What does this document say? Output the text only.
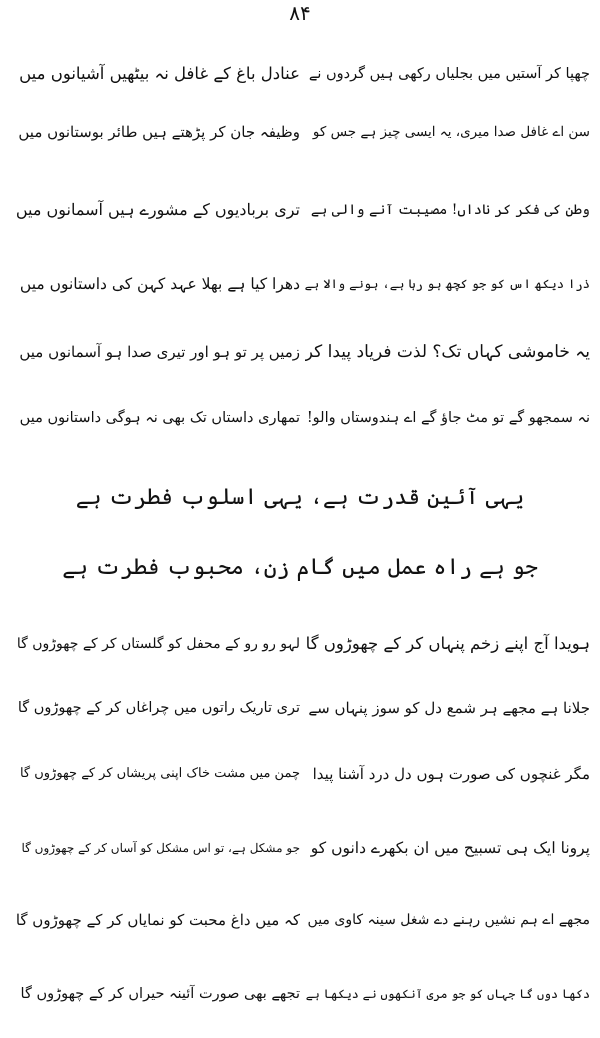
۸۴
چھپا کر آستیں میں بجلیاں رکھی ہیں گردوں نے
عنادل باغ کے غافل نہ بیٹھیں آشیانوں میں
سن اے غافل صدا میری، یہ ایسی چیز ہے جس کو
وظیفہ جان کر پڑھتے ہیں طائر بوستانوں میں
وطن کی فکر کر ناداں! مصیبت آنے والی ہے
تری بربادیوں کے مشورے ہیں آسمانوں میں
ذرا دیکھ اس کو جو کچھ ہو رہا ہے، ہونے والا ہے
دھرا کیا ہے بھلا عہد کہن کی داستانوں میں
یہ خاموشی کہاں تک؟ لذت فریاد پیدا کر
زمیں پر تو ہو اور تیری صدا ہو آسمانوں میں
نہ سمجھو گے تو مٹ جاؤ گے اے ہندوستاں والو!
تمھاری داستاں تک بھی نہ ہوگی داستانوں میں
یہی آئین قدرت ہے، یہی اسلوب فطرت ہے
جو ہے راہ عمل میں گام زن، محبوب فطرت ہے
ہویدا آج اپنے زخم پنہاں کر کے چھوڑوں گا
لہو رو رو کے محفل کو گلستاں کر کے چھوڑوں گا
جلانا ہے مجھے ہر شمع دل کو سوز پنہاں سے
تری تاریک راتوں میں چراغاں کر کے چھوڑوں گا
مگر غنچوں کی صورت ہوں دل درد آشنا پیدا
چمن میں مشت خاک اپنی پریشاں کر کے چھوڑوں گا
پرونا ایک ہی تسبیح میں ان بکھرے دانوں کو
جو مشکل ہے، تو اس مشکل کو آساں کر کے چھوڑوں گا
مجھے اے ہم نشیں رہنے دے شغل سینہ کاوی میں
کہ میں داغ محبت کو نمایاں کر کے چھوڑوں گا
دکھا دوں گا جہاں کو جو مری آنکھوں نے دیکھا ہے
تجھے بھی صورت آئینہ حیراں کر کے چھوڑوں گا
